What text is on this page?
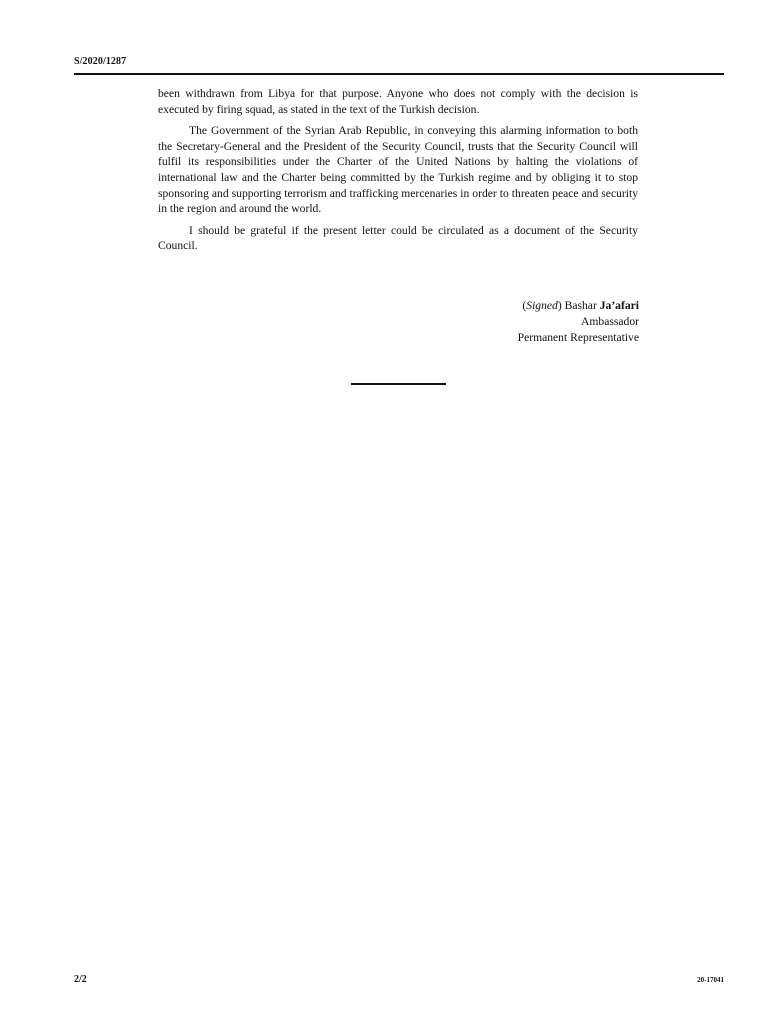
S/2020/1287

been withdrawn from Libya for that purpose. Anyone who does not comply with the decision is executed by firing squad, as stated in the text of the Turkish decision.

The Government of the Syrian Arab Republic, in conveying this alarming information to both the Secretary-General and the President of the Security Council, trusts that the Security Council will fulfil its responsibilities under the Charter of the United Nations by halting the violations of international law and the Charter being committed by the Turkish regime and by obliging it to stop sponsoring and supporting terrorism and trafficking mercenaries in order to threaten peace and security in the region and around the world.

I should be grateful if the present letter could be circulated as a document of the Security Council.

(Signed) Bashar Ja’afari
Ambassador
Permanent Representative
2/2	20-17041
